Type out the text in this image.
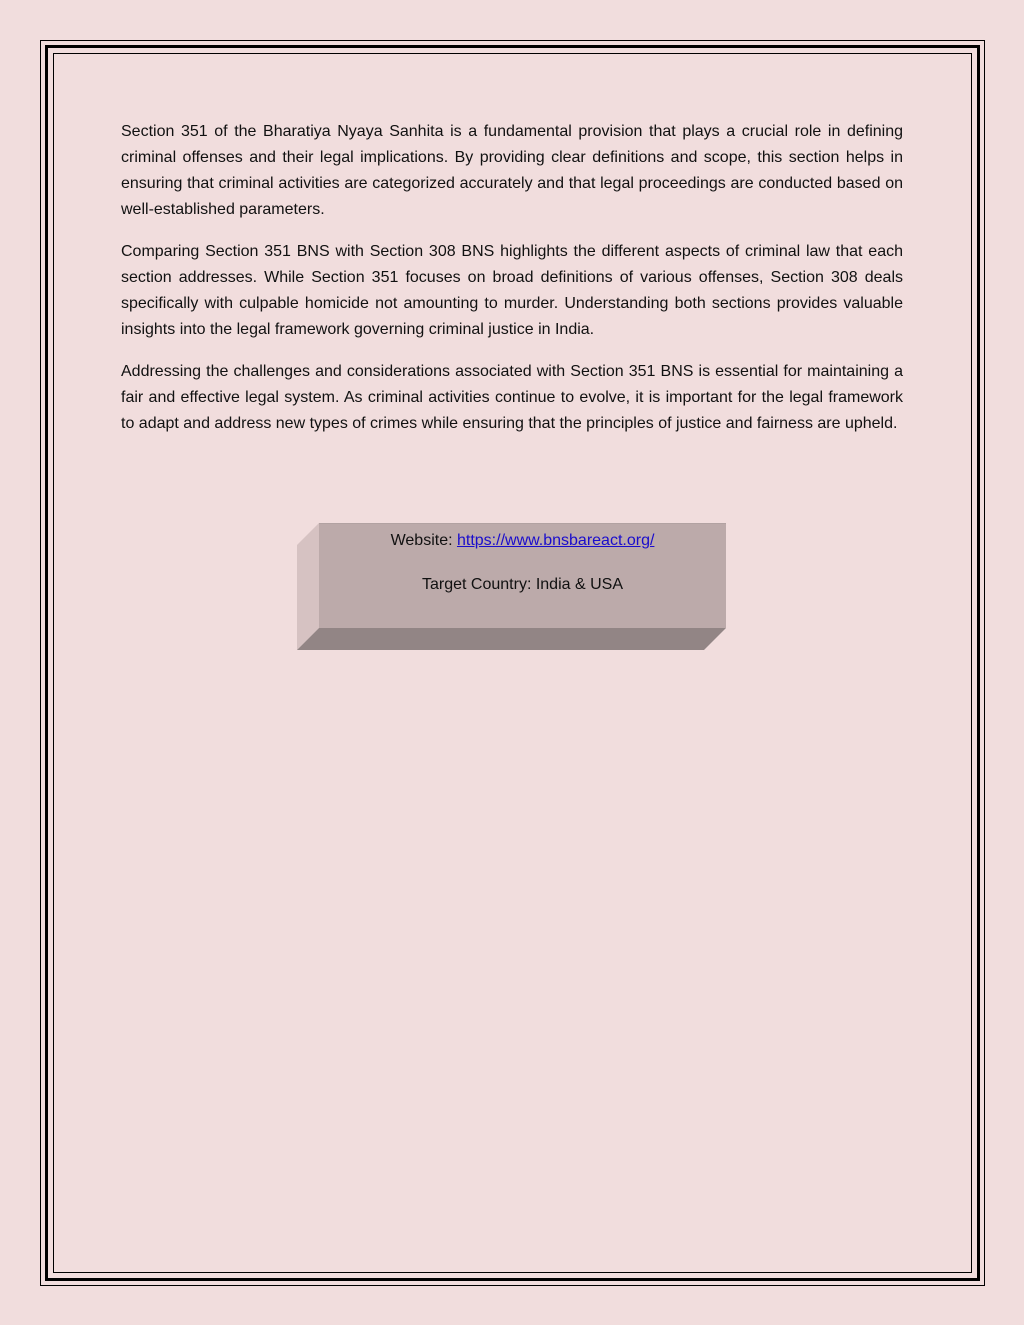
Section 351 of the Bharatiya Nyaya Sanhita is a fundamental provision that plays a crucial role in defining criminal offenses and their legal implications. By providing clear definitions and scope, this section helps in ensuring that criminal activities are categorized accurately and that legal proceedings are conducted based on well-established parameters.

Comparing Section 351 BNS with Section 308 BNS highlights the different aspects of criminal law that each section addresses. While Section 351 focuses on broad definitions of various offenses, Section 308 deals specifically with culpable homicide not amounting to murder. Understanding both sections provides valuable insights into the legal framework governing criminal justice in India.

Addressing the challenges and considerations associated with Section 351 BNS is essential for maintaining a fair and effective legal system. As criminal activities continue to evolve, it is important for the legal framework to adapt and address new types of crimes while ensuring that the principles of justice and fairness are upheld.

Website: https://www.bnsbareact.org/
Target Country: India & USA
